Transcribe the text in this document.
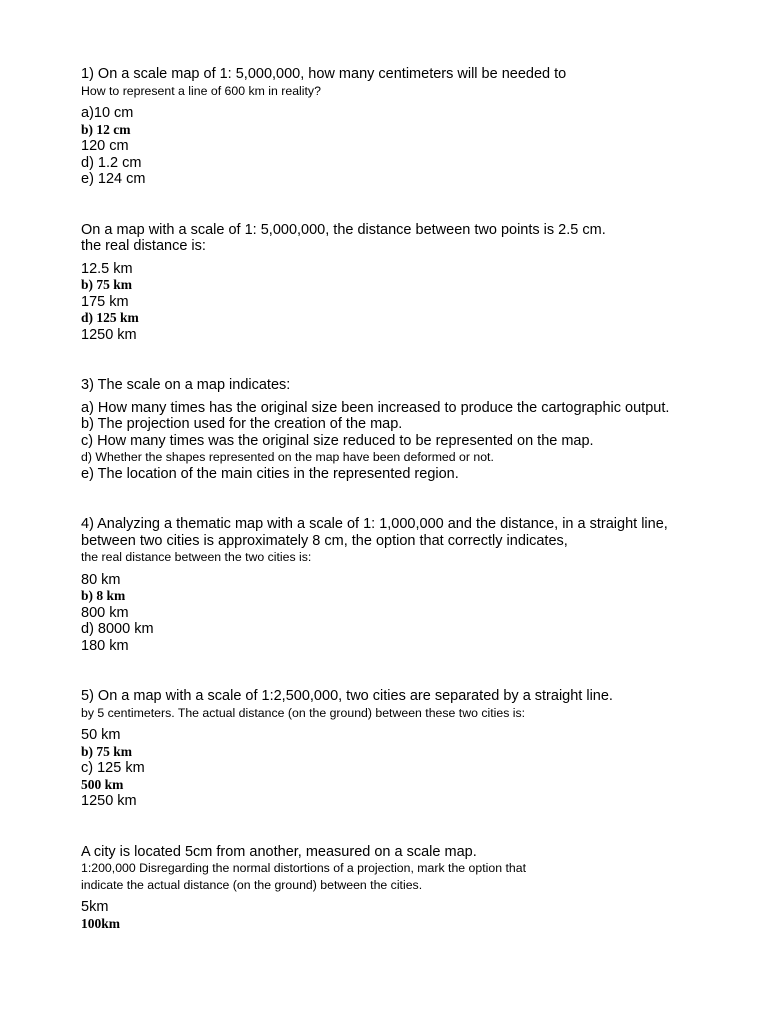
1) On a scale map of 1: 5,000,000, how many centimeters will be needed to

How to represent a line of 600 km in reality?

a)10 cm

b) 12 cm

120 cm

d) 1.2 cm

e) 124 cm

On a map with a scale of 1: 5,000,000, the distance between two points is 2.5 cm.

the real distance is:

12.5 km

b) 75 km

175 km

d) 125 km

1250 km

3) The scale on a map indicates:

a) How many times has the original size been increased to produce the cartographic output.

b) The projection used for the creation of the map.

c) How many times was the original size reduced to be represented on the map.

d) Whether the shapes represented on the map have been deformed or not.

e) The location of the main cities in the represented region.

4) Analyzing a thematic map with a scale of 1: 1,000,000 and the distance, in a straight line,

between two cities is approximately 8 cm, the option that correctly indicates,

the real distance between the two cities is:

80 km

b) 8 km

800 km

d) 8000 km

180 km

5) On a map with a scale of 1:2,500,000, two cities are separated by a straight line.

by 5 centimeters. The actual distance (on the ground) between these two cities is:

50 km

b) 75 km

c) 125 km

500 km

1250 km

A city is located 5cm from another, measured on a scale map.

1:200,000 Disregarding the normal distortions of a projection, mark the option that

indicate the actual distance (on the ground) between the cities.

5km

100km
